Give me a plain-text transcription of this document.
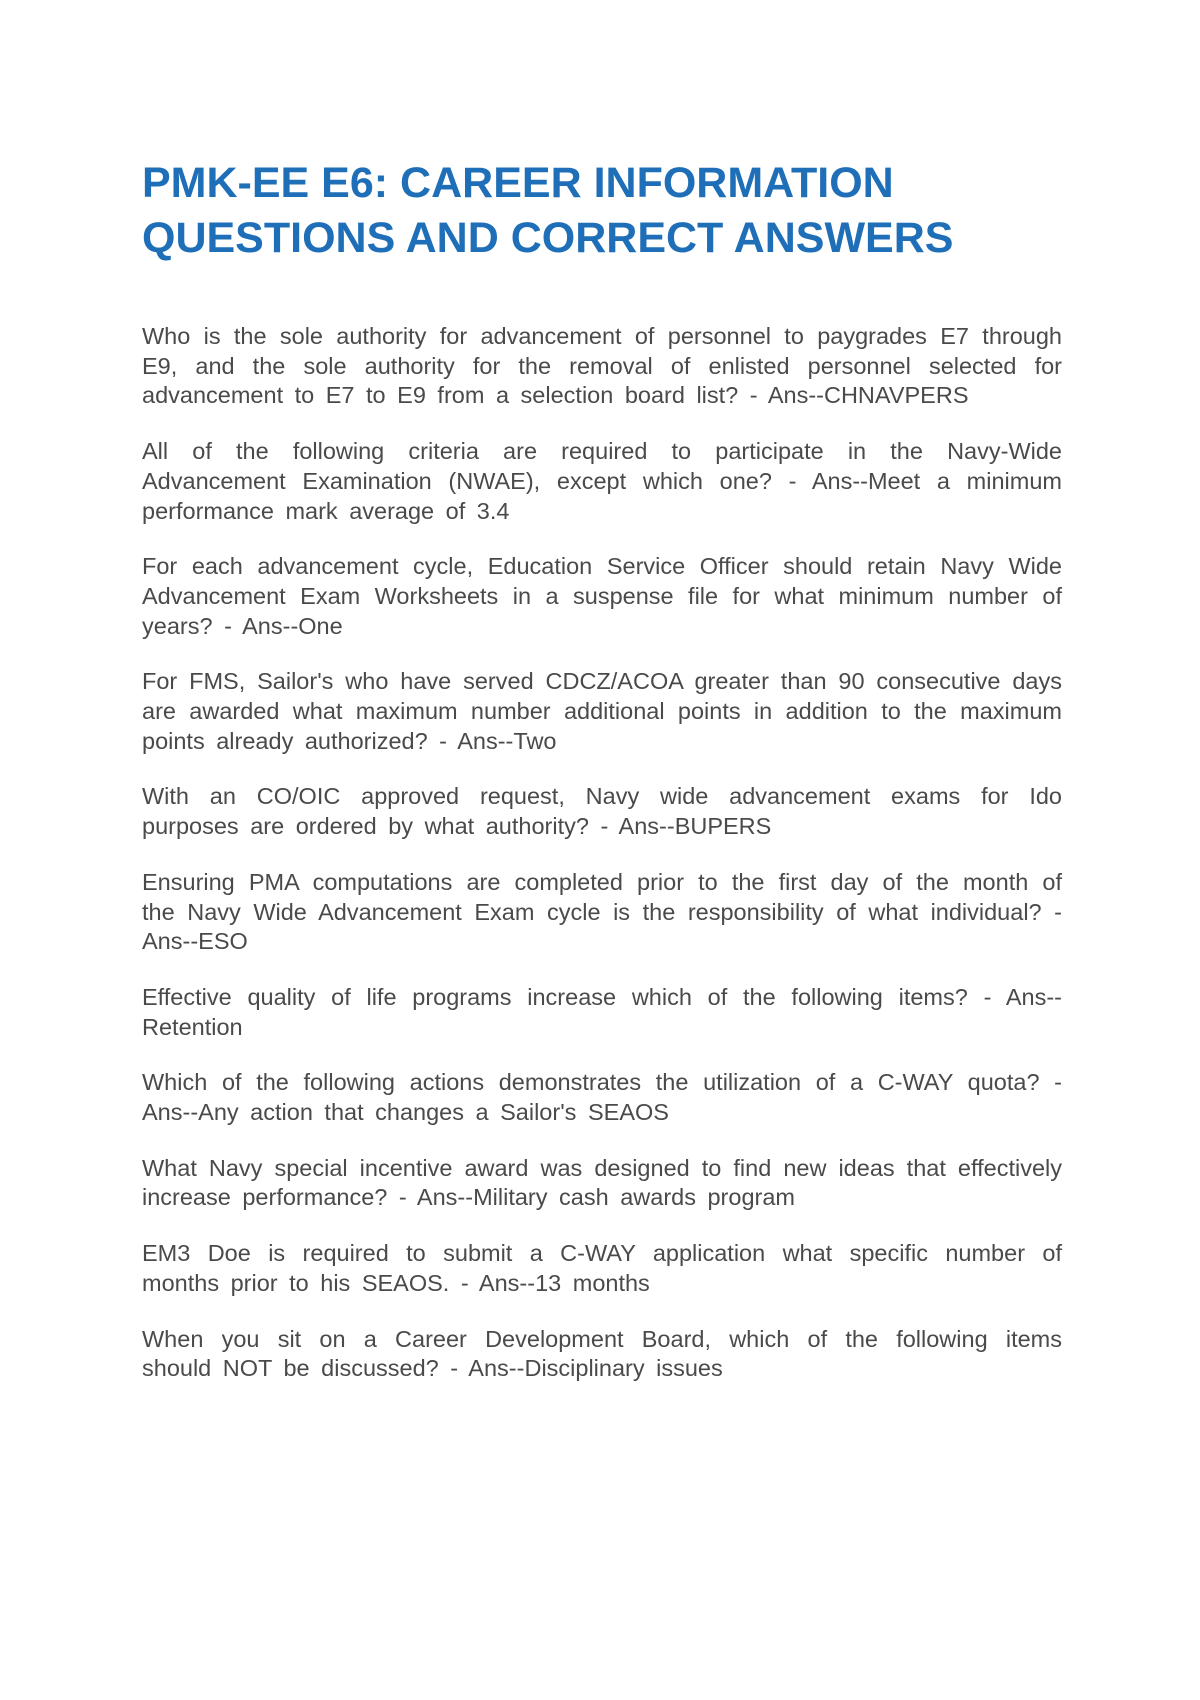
PMK-EE E6: CAREER INFORMATION QUESTIONS AND CORRECT ANSWERS

Who is the sole authority for advancement of personnel to paygrades E7 through E9, and the sole authority for the removal of enlisted personnel selected for advancement to E7 to E9 from a selection board list? - Ans--CHNAVPERS

All of the following criteria are required to participate in the Navy-Wide Advancement Examination (NWAE), except which one? - Ans--Meet a minimum performance mark average of 3.4

For each advancement cycle, Education Service Officer should retain Navy Wide Advancement Exam Worksheets in a suspense file for what minimum number of years? - Ans--One

For FMS, Sailor's who have served CDCZ/ACOA greater than 90 consecutive days are awarded what maximum number additional points in addition to the maximum points already authorized? - Ans--Two

With an CO/OIC approved request, Navy wide advancement exams for Ido purposes are ordered by what authority? - Ans--BUPERS

Ensuring PMA computations are completed prior to the first day of the month of the Navy Wide Advancement Exam cycle is the responsibility of what individual? - Ans--ESO

Effective quality of life programs increase which of the following items? - Ans--Retention

Which of the following actions demonstrates the utilization of a C-WAY quota? - Ans--Any action that changes a Sailor's SEAOS

What Navy special incentive award was designed to find new ideas that effectively increase performance? - Ans--Military cash awards program

EM3 Doe is required to submit a C-WAY application what specific number of months prior to his SEAOS. - Ans--13 months

When you sit on a Career Development Board, which of the following items should NOT be discussed? - Ans--Disciplinary issues
